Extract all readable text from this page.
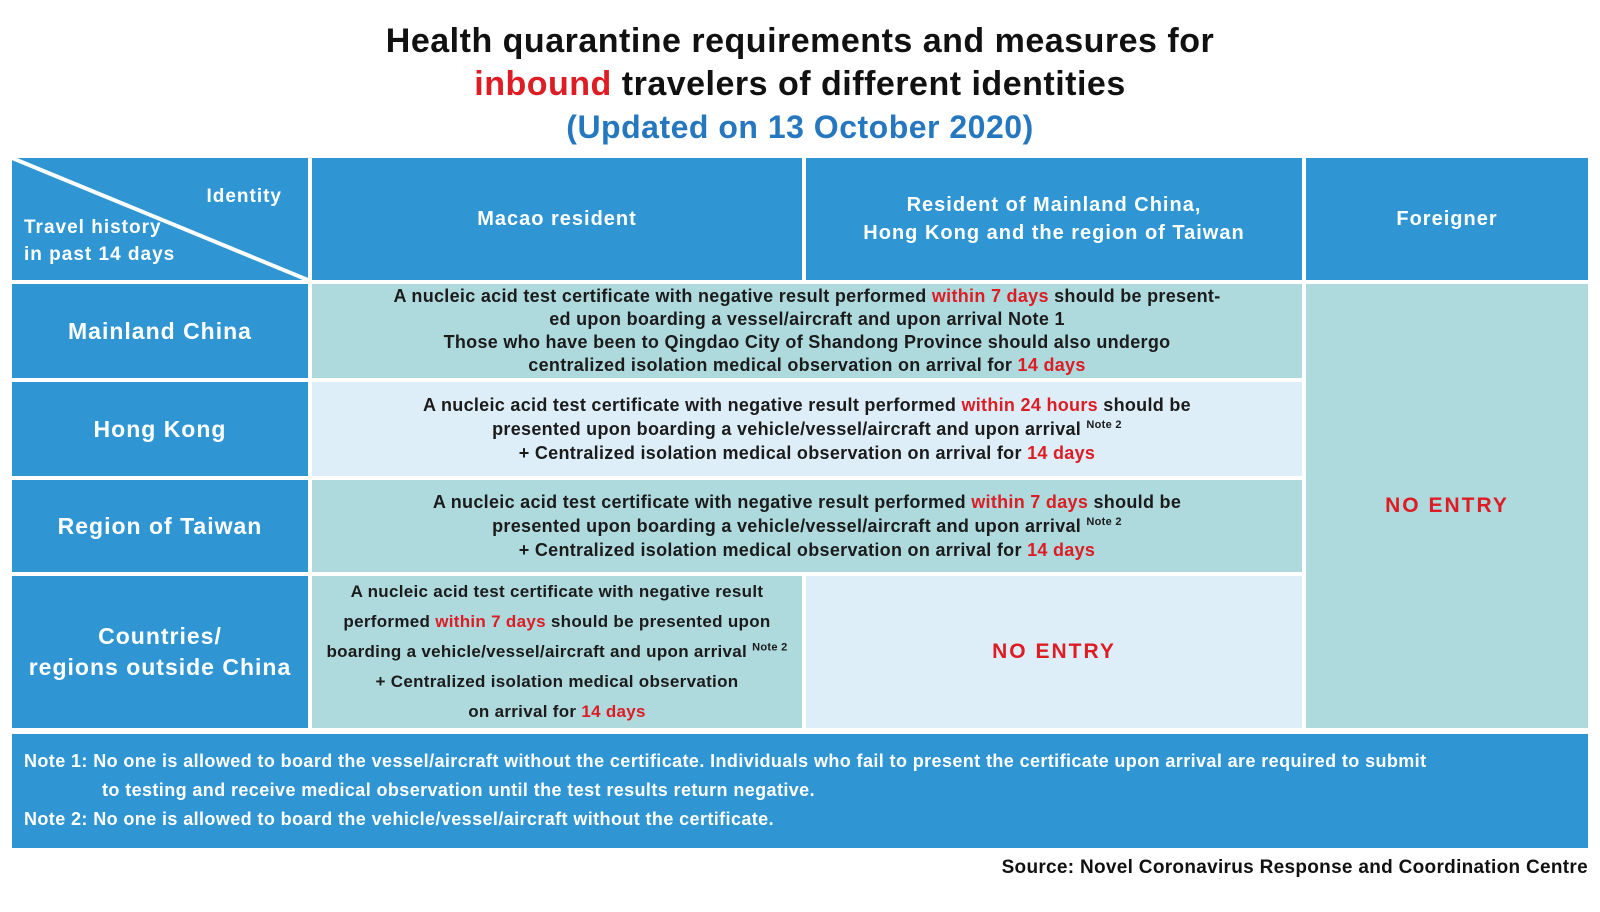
Health quarantine requirements and measures for
inbound travelers of different identities
(Updated on 13 October 2020)
Identity
Travel history
in past 14 days
Macao resident
Resident of Mainland China,
Hong Kong and the region of Taiwan
Foreigner
Mainland China
A nucleic acid test certificate with negative result performed within 7 days should be present-
ed upon boarding a vessel/aircraft and upon arrival Note 1
Those who have been to Qingdao City of Shandong Province should also undergo
centralized isolation medical observation on arrival for 14 days
NO ENTRY
Hong Kong
A nucleic acid test certificate with negative result performed within 24 hours should be
presented upon boarding a vehicle/vessel/aircraft and upon arrival $^{Note 2}$
+ Centralized isolation medical observation on arrival for 14 days
Region of Taiwan
A nucleic acid test certificate with negative result performed within 7 days should be
presented upon boarding a vehicle/vessel/aircraft and upon arrival $^{Note 2}$
+ Centralized isolation medical observation on arrival for 14 days
Countries/
regions outside China
A nucleic acid test certificate with negative result
performed within 7 days should be presented upon
boarding a vehicle/vessel/aircraft and upon arrival $^{Note 2}$
+ Centralized isolation medical observation
on arrival for 14 days
NO ENTRY
Note 1: No one is allowed to board the vessel/aircraft without the certificate. Individuals who fail to present the certificate upon arrival are required to submit
to testing and receive medical observation until the test results return negative.
Note 2: No one is allowed to board the vehicle/vessel/aircraft without the certificate.
Source: Novel Coronavirus Response and Coordination Centre
